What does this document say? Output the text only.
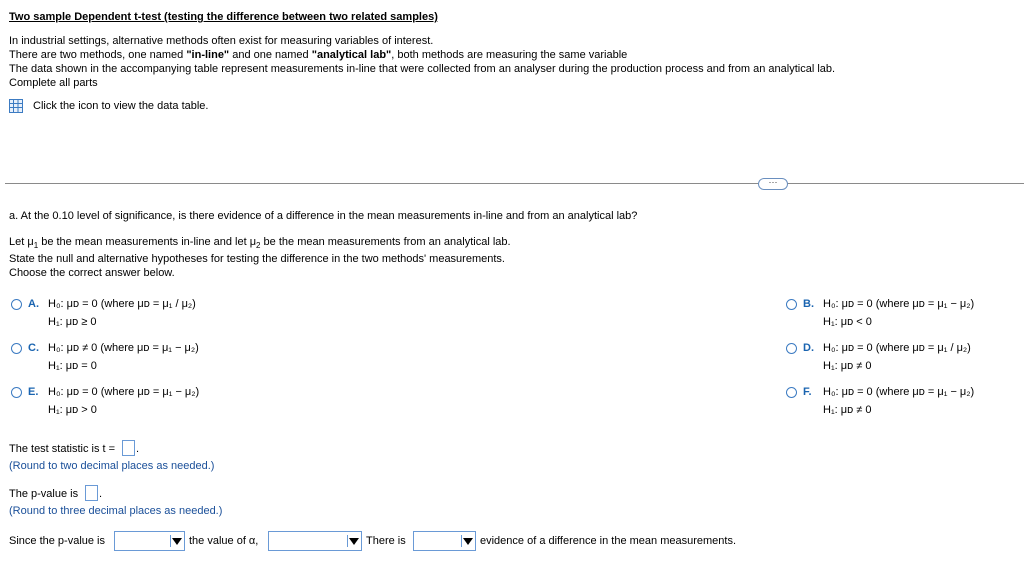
Two sample Dependent t-test (testing the difference between two related samples)
In industrial settings, alternative methods often exist for measuring variables of interest.
There are two methods, one named "in-line" and one named "analytical lab", both methods are measuring the same variable
The data shown in the accompanying table represent measurements in-line that were collected from an analyser during the production process and from an analytical lab.
Complete all parts
Click the icon to view the data table.
···
a. At the 0.10 level of significance, is there evidence of a difference in the mean measurements in-line and from an analytical lab?
Let $\mu_1$ be the mean measurements in-line and let $\mu_2$ be the mean measurements from an analytical lab.
State the null and alternative hypotheses for testing the difference in the two methods' measurements.
Choose the correct answer below.
A. H₀: μᴅ = 0 (where μᴅ = μ₁ / μ₂)
H₁: μᴅ ≥ 0
B. H₀: μᴅ = 0 (where μᴅ = μ₁ − μ₂)
H₁: μᴅ < 0
C. H₀: μᴅ ≠ 0 (where μᴅ = μ₁ − μ₂)
H₁: μᴅ = 0
D. H₀: μᴅ = 0 (where μᴅ = μ₁ / μ₂)
H₁: μᴅ ≠ 0
E. H₀: μᴅ = 0 (where μᴅ = μ₁ − μ₂)
H₁: μᴅ > 0
F. H₀: μᴅ = 0 (where μᴅ = μ₁ − μ₂)
H₁: μᴅ ≠ 0
The test statistic is t = .
(Round to two decimal places as needed.)
The p-value is .
(Round to three decimal places as needed.)
Since the p-value is	the value of α,	There is	evidence of a difference in the mean measurements.
